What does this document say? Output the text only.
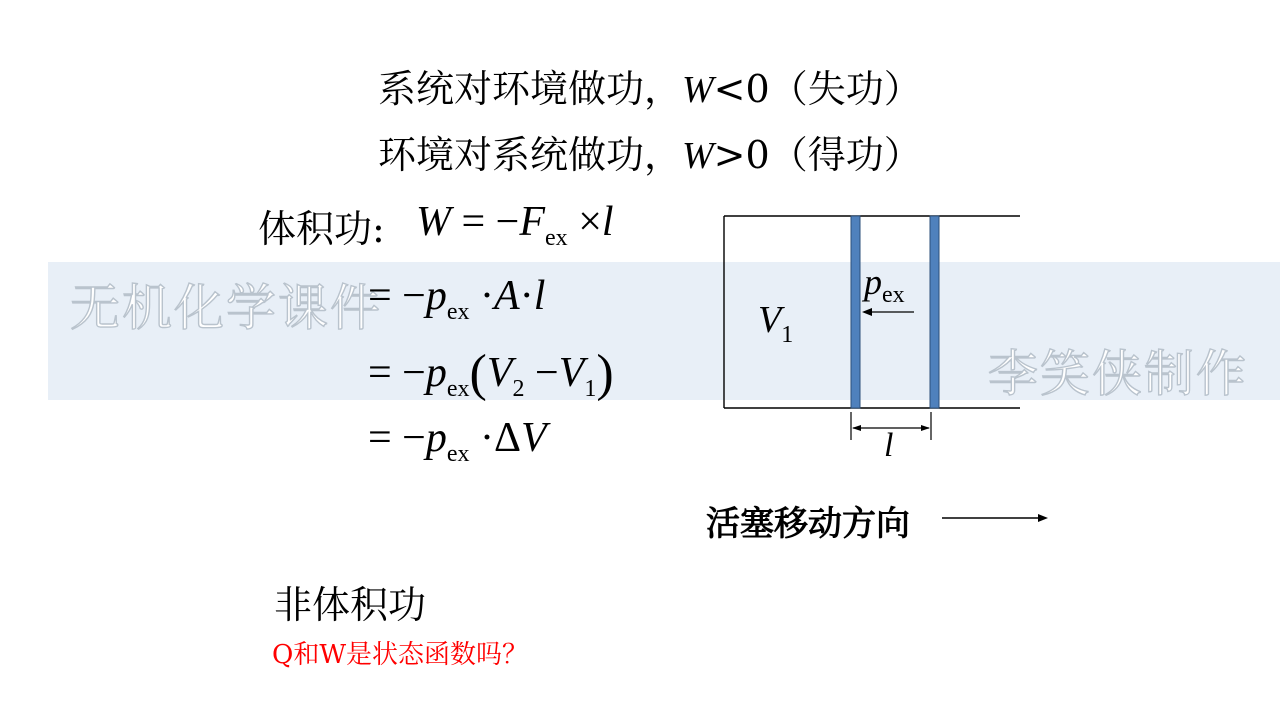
无机化学课件
李笑侠制作
系统对环境做功，W<0（失功）
环境对系统做功，W>0（得功）
体积功: $W = -F_{ex} \times l$
= $-p_{ex} \cdot A\cdot l$
= $-p_{ex}(V_2 -V_1)$
= $-p_{ex} \cdot\Delta V$
$V_1$
$p_{ex}$
l
活塞移动方向
非体积功
Q和W是状态函数吗？
